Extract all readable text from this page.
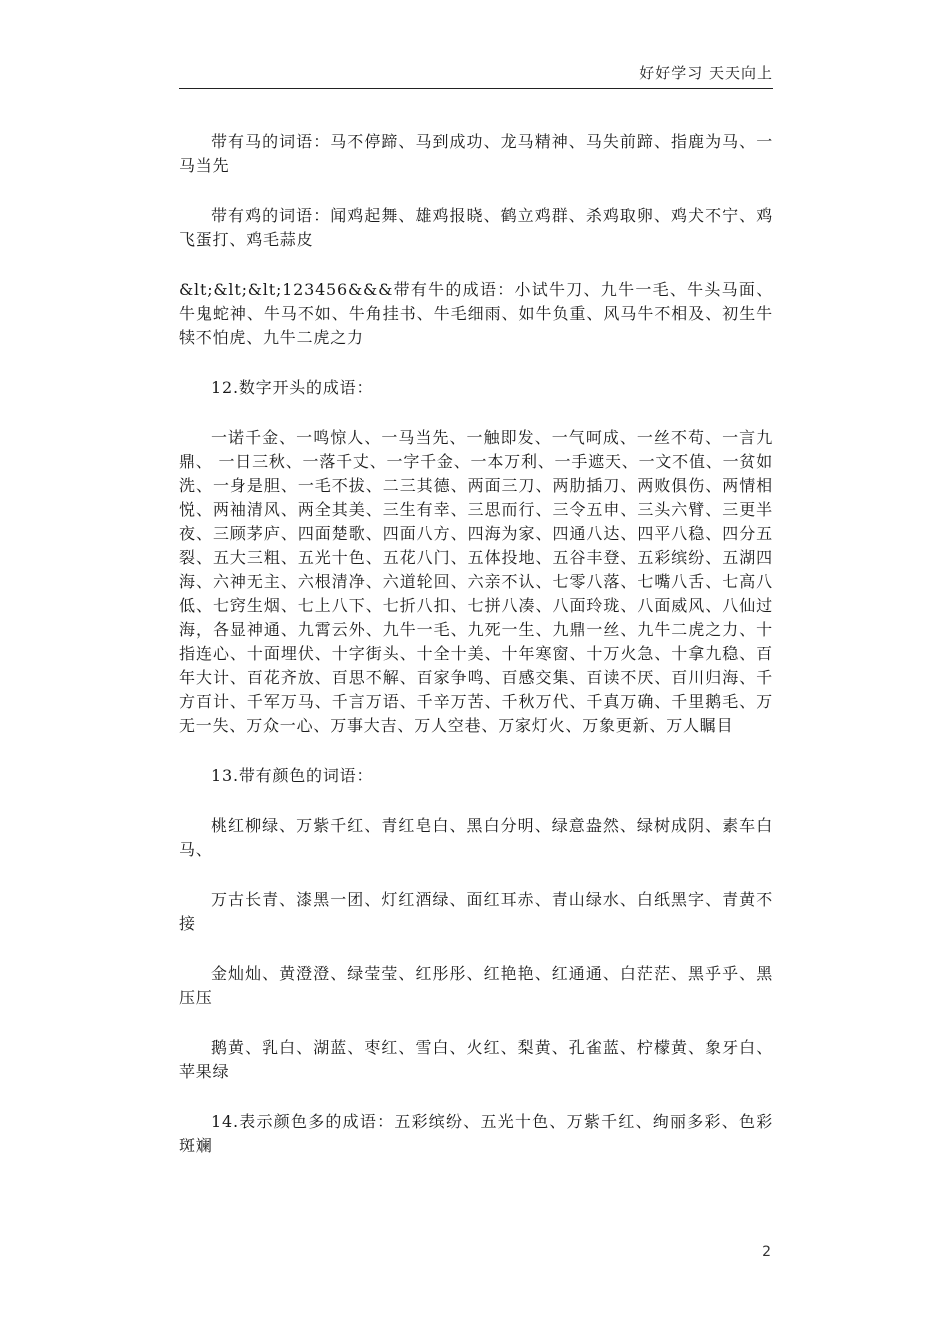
好好学习 天天向上

带有马的词语：马不停蹄、马到成功、龙马精神、马失前蹄、指鹿为马、一马当先

带有鸡的词语：闻鸡起舞、雄鸡报晓、鹤立鸡群、杀鸡取卵、鸡犬不宁、鸡飞蛋打、鸡毛蒜皮

&lt;&lt;&lt;123456&&&带有牛的成语：小试牛刀、九牛一毛、牛头马面、牛鬼蛇神、牛马不如、牛角挂书、牛毛细雨、如牛负重、风马牛不相及、初生牛犊不怕虎、九牛二虎之力

12.数字开头的成语：

一诺千金、一鸣惊人、一马当先、一触即发、一气呵成、一丝不苟、一言九鼎、 一日三秋、一落千丈、一字千金、一本万利、一手遮天、一文不值、一贫如洗、一身是胆、一毛不拔、二三其德、两面三刀、两肋插刀、两败俱伤、两情相悦、两袖清风、两全其美、三生有幸、三思而行、三令五申、三头六臂、三更半夜、三顾茅庐、四面楚歌、四面八方、四海为家、四通八达、四平八稳、四分五裂、五大三粗、五光十色、五花八门、五体投地、五谷丰登、五彩缤纷、五湖四海、六神无主、六根清净、六道轮回、六亲不认、七零八落、七嘴八舌、七高八低、七窍生烟、七上八下、七折八扣、七拼八凑、八面玲珑、八面威风、八仙过海，各显神通、九霄云外、九牛一毛、九死一生、九鼎一丝、九牛二虎之力、十指连心、十面埋伏、十字街头、十全十美、十年寒窗、十万火急、十拿九稳、百年大计、百花齐放、百思不解、百家争鸣、百感交集、百读不厌、百川归海、千方百计、千军万马、千言万语、千辛万苦、千秋万代、千真万确、千里鹅毛、万无一失、万众一心、万事大吉、万人空巷、万家灯火、万象更新、万人瞩目

13.带有颜色的词语：

桃红柳绿、万紫千红、青红皂白、黑白分明、绿意盎然、绿树成阴、素车白马、

万古长青、漆黑一团、灯红酒绿、面红耳赤、青山绿水、白纸黑字、青黄不接

金灿灿、黄澄澄、绿莹莹、红彤彤、红艳艳、红通通、白茫茫、黑乎乎、黑压压

鹅黄、乳白、湖蓝、枣红、雪白、火红、梨黄、孔雀蓝、柠檬黄、象牙白、苹果绿

14.表示颜色多的成语：五彩缤纷、五光十色、万紫千红、绚丽多彩、色彩斑斓

2
